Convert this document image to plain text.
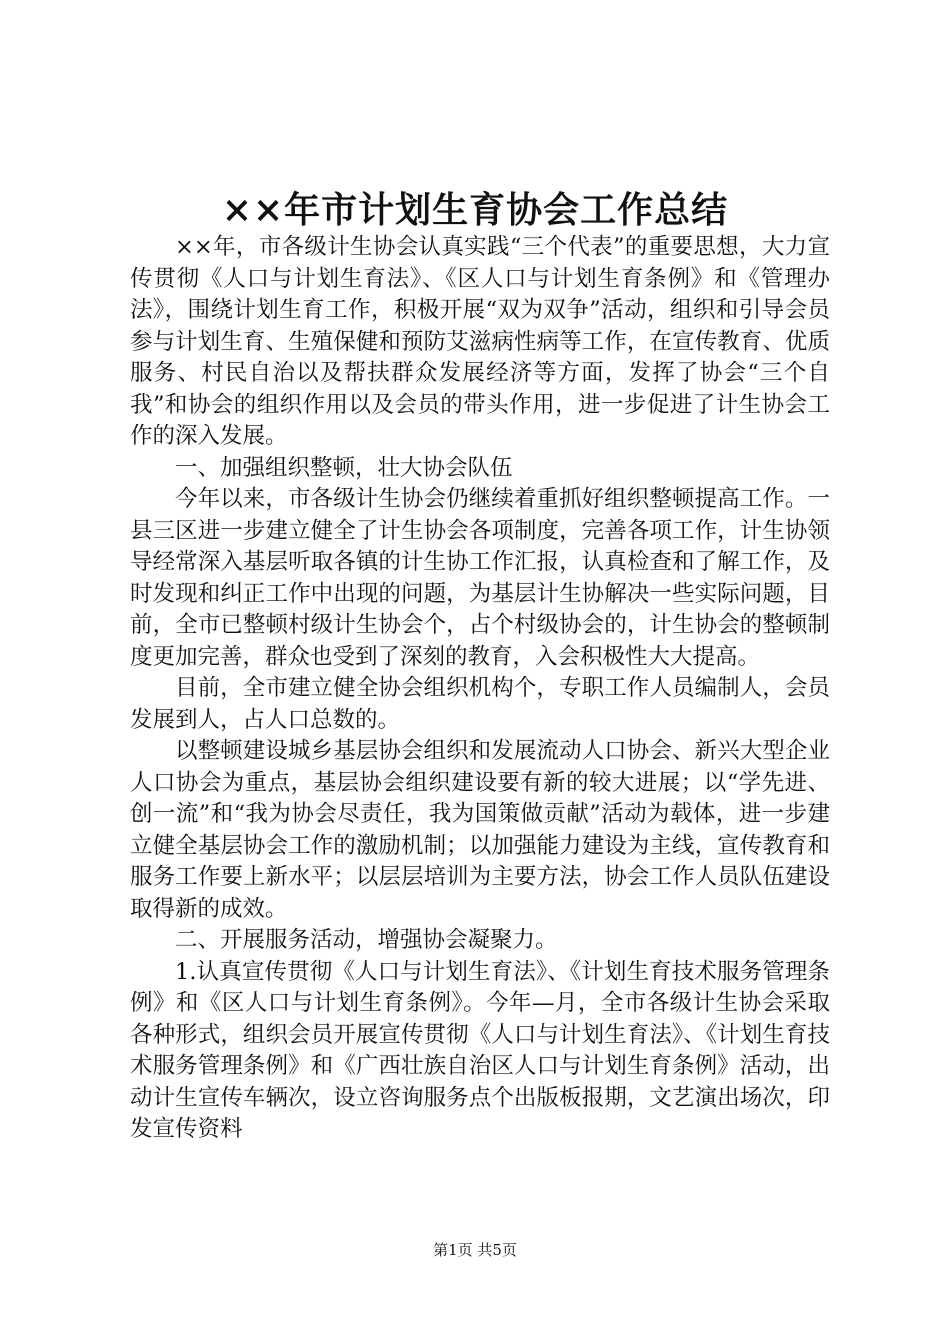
××年市计划生育协会工作总结

××年，市各级计生协会认真实践“三个代表”的重要思想，大力宣传贯彻《人口与计划生育法》、《区人口与计划生育条例》和《管理办法》，围绕计划生育工作，积极开展“双为双争”活动，组织和引导会员参与计划生育、生殖保健和预防艾滋病性病等工作，在宣传教育、优质服务、村民自治以及帮扶群众发展经济等方面，发挥了协会“三个自我”和协会的组织作用以及会员的带头作用，进一步促进了计生协会工作的深入发展。

一、加强组织整顿，壮大协会队伍

今年以来，市各级计生协会仍继续着重抓好组织整顿提高工作。一县三区进一步建立健全了计生协会各项制度，完善各项工作，计生协领导经常深入基层听取各镇的计生协工作汇报，认真检查和了解工作，及时发现和纠正工作中出现的问题，为基层计生协解决一些实际问题，目前，全市已整顿村级计生协会个，占个村级协会的，计生协会的整顿制度更加完善，群众也受到了深刻的教育，入会积极性大大提高。

目前，全市建立健全协会组织机构个，专职工作人员编制人，会员发展到人，占人口总数的。

以整顿建设城乡基层协会组织和发展流动人口协会、新兴大型企业人口协会为重点，基层协会组织建设要有新的较大进展；以“学先进、创一流”和“我为协会尽责任，我为国策做贡献”活动为载体，进一步建立健全基层协会工作的激励机制；以加强能力建设为主线，宣传教育和服务工作要上新水平；以层层培训为主要方法，协会工作人员队伍建设取得新的成效。

二、开展服务活动，增强协会凝聚力。

1.认真宣传贯彻《人口与计划生育法》、《计划生育技术服务管理条例》和《区人口与计划生育条例》。今年—月，全市各级计生协会采取各种形式，组织会员开展宣传贯彻《人口与计划生育法》、《计划生育技术服务管理条例》和《广西壮族自治区人口与计划生育条例》活动，出动计生宣传车辆次，设立咨询服务点个出版板报期，文艺演出场次，印发宣传资料

第1页 共5页
